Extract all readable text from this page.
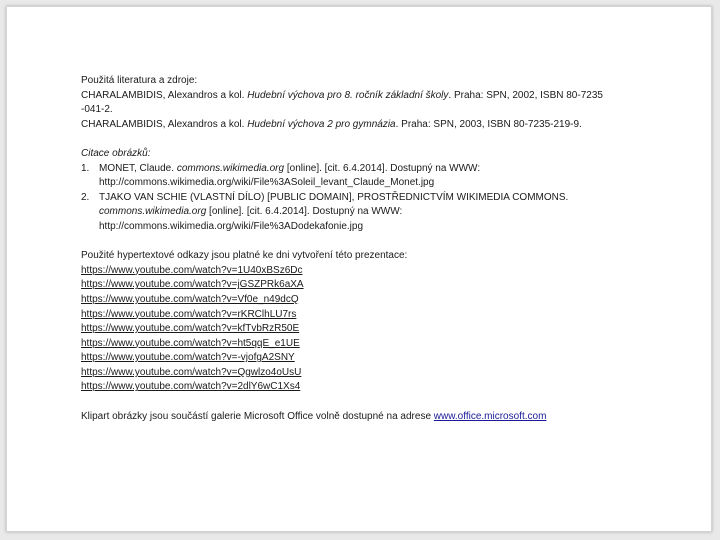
Použitá literatura a zdroje:
CHARALAMBIDIS, Alexandros a kol. Hudební výchova pro 8. ročník základní školy. Praha: SPN, 2002, ISBN 80-7235
-041-2.
CHARALAMBIDIS, Alexandros a kol. Hudební výchova 2 pro gymnázia. Praha: SPN, 2003, ISBN 80-7235-219-9.
Citace obrázků:
1. MONET, Claude. commons.wikimedia.org [online]. [cit. 6.4.2014]. Dostupný na WWW:
http://commons.wikimedia.org/wiki/File%3ASoleil_levant_Claude_Monet.jpg
2. TJAKO VAN SCHIE (VLASTNÍ DÍLO) [PUBLIC DOMAIN], PROSTŘEDNICTVÍM WIKIMEDIA COMMONS.
commons.wikimedia.org [online]. [cit. 6.4.2014]. Dostupný na WWW:
http://commons.wikimedia.org/wiki/File%3ADodekafonie.jpg
Použité hypertextové odkazy jsou platné ke dni vytvoření této prezentace:
https://www.youtube.com/watch?v=1U40xBSz6Dc
https://www.youtube.com/watch?v=jGSZPRk6aXA
https://www.youtube.com/watch?v=Vf0e_n49dcQ
https://www.youtube.com/watch?v=rKRClhLU7rs
https://www.youtube.com/watch?v=kfTvbRzR50E
https://www.youtube.com/watch?v=ht5qqE_e1UE
https://www.youtube.com/watch?v=-vjofgA2SNY
https://www.youtube.com/watch?v=Qgwlzo4oUsU
https://www.youtube.com/watch?v=2dlY6wC1Xs4
Klipart obrázky jsou součástí galerie Microsoft Office volně dostupné na adrese www.office.microsoft.com
